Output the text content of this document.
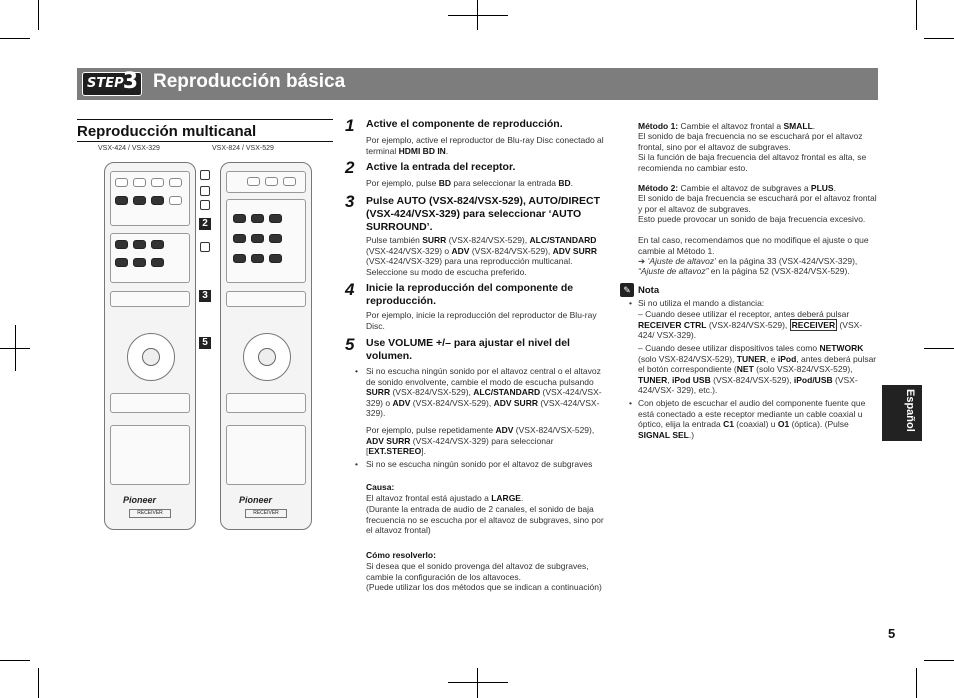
STEP 3 Reproducción básica
Reproducción multicanal
VSX-424 / VSX-329	VSX-824 / VSX-529
Pioneer
RECEIVER
Pioneer
RECEIVER
2
3
5
1 Active el componente de reproducción.
Por ejemplo, active el reproductor de Blu-ray Disc conectado al terminal HDMI BD IN.
2 Active la entrada del receptor.
Por ejemplo, pulse BD para seleccionar la entrada BD.
3 Pulse AUTO (VSX-824/VSX-529), AUTO/DIRECT (VSX-424/VSX-329) para seleccionar ‘AUTO SURROUND’.
Pulse también SURR (VSX-824/VSX-529), ALC/STANDARD (VSX-424/VSX-329) o ADV (VSX-824/VSX-529), ADV SURR (VSX-424/VSX-329) para una reproducción multicanal. Seleccione su modo de escucha preferido.
4 Inicie la reproducción del componente de reproducción.
Por ejemplo, inicie la reproducción del reproductor de Blu-ray Disc.
5 Use VOLUME +/– para ajustar el nivel del volumen.
• Si no escucha ningún sonido por el altavoz central o el altavoz de sonido envolvente, cambie el modo de escucha pulsando SURR (VSX-824/VSX-529), ALC/STANDARD (VSX-424/VSX-329) o ADV (VSX-824/VSX-529), ADV SURR (VSX-424/VSX-329).
Por ejemplo, pulse repetidamente ADV (VSX-824/VSX-529), ADV SURR (VSX-424/VSX-329) para seleccionar [EXT.STEREO].
• Si no se escucha ningún sonido por el altavoz de subgraves
Causa:
El altavoz frontal está ajustado a LARGE.
(Durante la entrada de audio de 2 canales, el sonido de baja frecuencia no se escucha por el altavoz de subgraves, sino por el altavoz frontal)
Cómo resolverlo:
Si desea que el sonido provenga del altavoz de subgraves, cambie la configuración de los altavoces.
(Puede utilizar los dos métodos que se indican a continuación)
Método 1: Cambie el altavoz frontal a SMALL.
El sonido de baja frecuencia no se escuchará por el altavoz frontal, sino por el altavoz de subgraves.
Si la función de baja frecuencia del altavoz frontal es alta, se recomienda no cambiar esto.
Método 2: Cambie el altavoz de subgraves a PLUS.
El sonido de baja frecuencia se escuchará por el altavoz frontal y por el altavoz de subgraves.
Esto puede provocar un sonido de baja frecuencia excesivo.
En tal caso, recomendamos que no modifique el ajuste o que cambie al Método 1.
➔ ‘Ajuste de altavoz’ en la página 33 (VSX-424/VSX-329),
“Ajuste de altavoz” en la página 52 (VSX-824/VSX-529).
✎ Nota
• Si no utiliza el mando a distancia:
– Cuando desee utilizar el receptor, antes deberá pulsar RECEIVER CTRL (VSX-824/VSX-529), RECEIVER (VSX-424/ VSX-329).
– Cuando desee utilizar dispositivos tales como NETWORK (solo VSX-824/VSX-529), TUNER, e iPod, antes deberá pulsar el botón correspondiente (NET (solo VSX-824/VSX-529), TUNER, iPod USB (VSX-824/VSX-529), iPod/USB (VSX-424/VSX- 329), etc.).
• Con objeto de escuchar el audio del componente fuente que está conectado a este receptor mediante un cable coaxial u óptico, elija la entrada C1 (coaxial) u O1 (óptica). (Pulse SIGNAL SEL.)
Español
5
